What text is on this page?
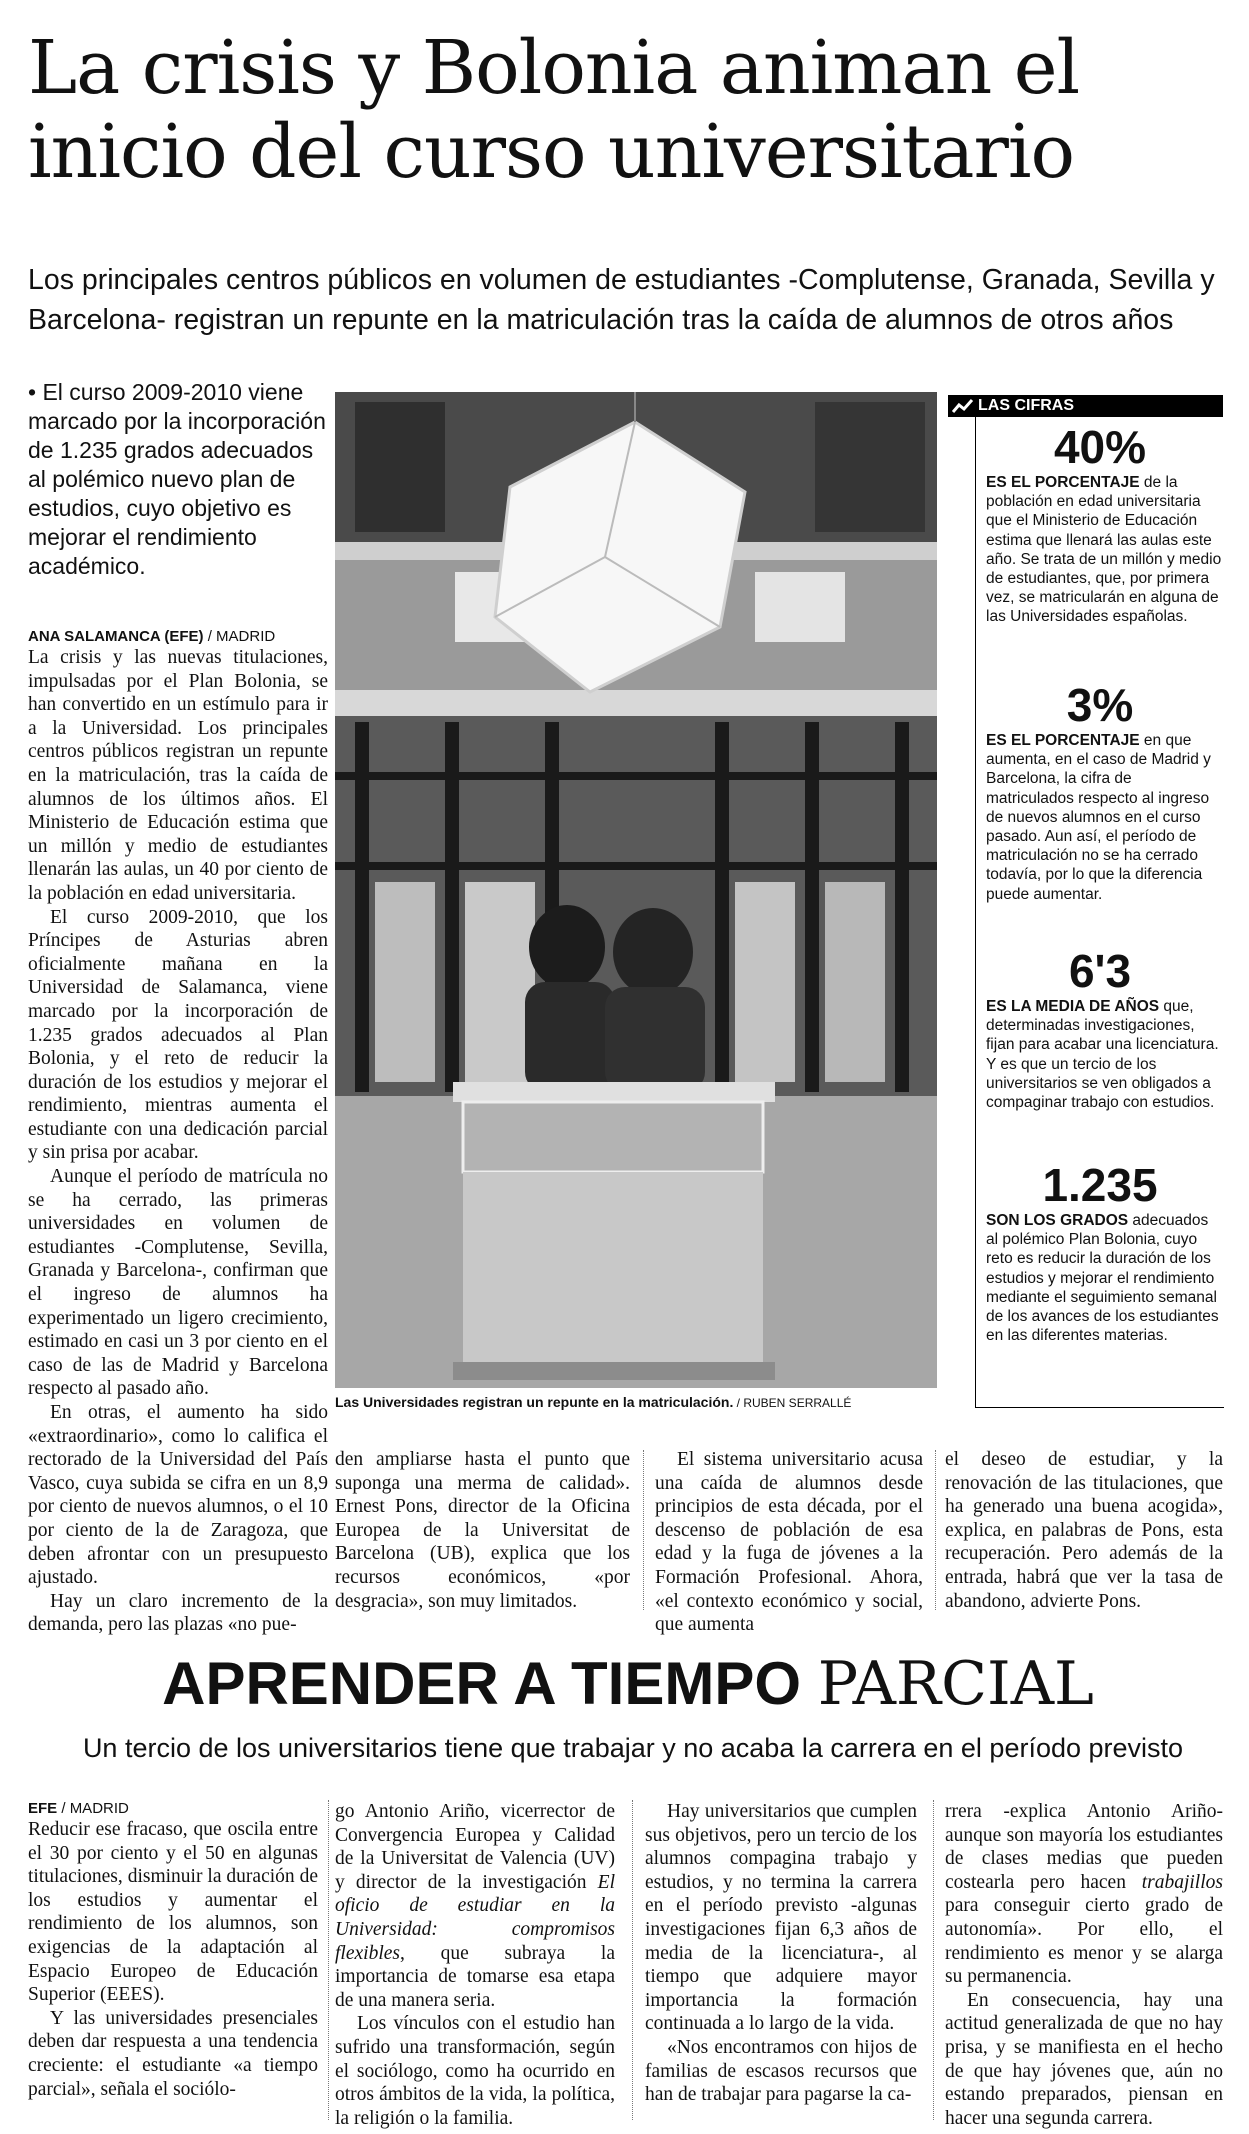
La crisis y Bolonia animan el
inicio del curso universitario

Los principales centros públicos en volumen de estudiantes -Complutense, Granada, Sevilla y Barcelona- registran un repunte en la matriculación tras la caída de alumnos de otros años

• El curso 2009-2010 viene marcado por la incorporación de 1.235 grados adecuados al polémico nuevo plan de estudios, cuyo objetivo es mejorar el rendimiento académico.
ANA SALAMANCA (EFE) / MADRID

La crisis y las nuevas titulaciones, impulsadas por el Plan Bolonia, se han convertido en un estímulo para ir a la Universidad. Los principales centros públicos registran un repunte en la matriculación, tras la caída de alumnos de los últimos años. El Ministerio de Educación estima que un millón y medio de estudiantes llenarán las aulas, un 40 por ciento de la población en edad universitaria.

El curso 2009-2010, que los Príncipes de Asturias abren oficialmente mañana en la Universidad de Salamanca, viene marcado por la incorporación de 1.235 grados adecuados al Plan Bolonia, y el reto de reducir la duración de los estudios y mejorar el rendimiento, mientras aumenta el estudiante con una dedicación parcial y sin prisa por acabar.

Aunque el período de matrícula no se ha cerrado, las primeras universidades en volumen de estudiantes -Complutense, Sevilla, Granada y Barcelona-, confirman que el ingreso de alumnos ha experimentado un ligero crecimiento, estimado en casi un 3 por ciento en el caso de las de Madrid y Barcelona respecto al pasado año.

En otras, el aumento ha sido «extraordinario», como lo califica el rectorado de la Universidad del País Vasco, cuya subida se cifra en un 8,9 por ciento de nuevos alumnos, o el 10 por ciento de la de Zaragoza, que deben afrontar con un presupuesto ajustado.

Hay un claro incremento de la demanda, pero las plazas «no pue-

Las Universidades registran un repunte en la matriculación. / RUBEN SERRALLÉ
LAS CIFRAS

40%

ES EL PORCENTAJE de la población en edad universitaria que el Ministerio de Educación estima que llenará las aulas este año. Se trata de un millón y medio de estudiantes, que, por primera vez, se matricularán en alguna de las Universidades españolas.

3%

ES EL PORCENTAJE en que aumenta, en el caso de Madrid y Barcelona, la cifra de matriculados respecto al ingreso de nuevos alumnos en el curso pasado. Aun así, el período de matriculación no se ha cerrado todavía, por lo que la diferencia puede aumentar.

6'3

ES LA MEDIA DE AÑOS que, determinadas investigaciones, fijan para acabar una licenciatura. Y es que un tercio de los universitarios se ven obligados a compaginar trabajo con estudios.

1.235

SON LOS GRADOS adecuados al polémico Plan Bolonia, cuyo reto es reducir la duración de los estudios y mejorar el rendimiento mediante el seguimiento semanal de los avances de los estudiantes en las diferentes materias.

den ampliarse hasta el punto que suponga una merma de calidad». Ernest Pons, director de la Oficina Europea de la Universitat de Barcelona (UB), explica que los recursos económicos, «por desgracia», son muy limitados.

El sistema universitario acusa una caída de alumnos desde principios de esta década, por el descenso de población de esa edad y la fuga de jóvenes a la Formación Profesional. Ahora, «el contexto económico y social, que aumenta

el deseo de estudiar, y la renovación de las titulaciones, que ha generado una buena acogida», explica, en palabras de Pons, esta recuperación. Pero además de la entrada, habrá que ver la tasa de abandono, advierte Pons.

APRENDER A TIEMPO PARCIAL

Un tercio de los universitarios tiene que trabajar y no acaba la carrera en el período previsto

EFE / MADRID

Reducir ese fracaso, que oscila entre el 30 por ciento y el 50 en algunas titulaciones, disminuir la duración de los estudios y aumentar el rendimiento de los alumnos, son exigencias de la adaptación al Espacio Europeo de Educación Superior (EEES).

Y las universidades presenciales deben dar respuesta a una tendencia creciente: el estudiante «a tiempo parcial», señala el sociólo-

go Antonio Ariño, vicerrector de Convergencia Europea y Calidad de la Universitat de Valencia (UV) y director de la investigación El oficio de estudiar en la Universidad: compromisos flexibles, que subraya la importancia de tomarse esa etapa de una manera seria.

Los vínculos con el estudio han sufrido una transformación, según el sociólogo, como ha ocurrido en otros ámbitos de la vida, la política, la religión o la familia.

Hay universitarios que cumplen sus objetivos, pero un tercio de los alumnos compagina trabajo y estudios, y no termina la carrera en el período previsto -algunas investigaciones fijan 6,3 años de media de la licenciatura-, al tiempo que adquiere mayor importancia la formación continuada a lo largo de la vida.

«Nos encontramos con hijos de familias de escasos recursos que han de trabajar para pagarse la ca-

rrera -explica Antonio Ariño- aunque son mayoría los estudiantes de clases medias que pueden costearla pero hacen trabajillos para conseguir cierto grado de autonomía». Por ello, el rendimiento es menor y se alarga su permanencia.

En consecuencia, hay una actitud generalizada de que no hay prisa, y se manifiesta en el hecho de que hay jóvenes que, aún no estando preparados, piensan en hacer una segunda carrera.
